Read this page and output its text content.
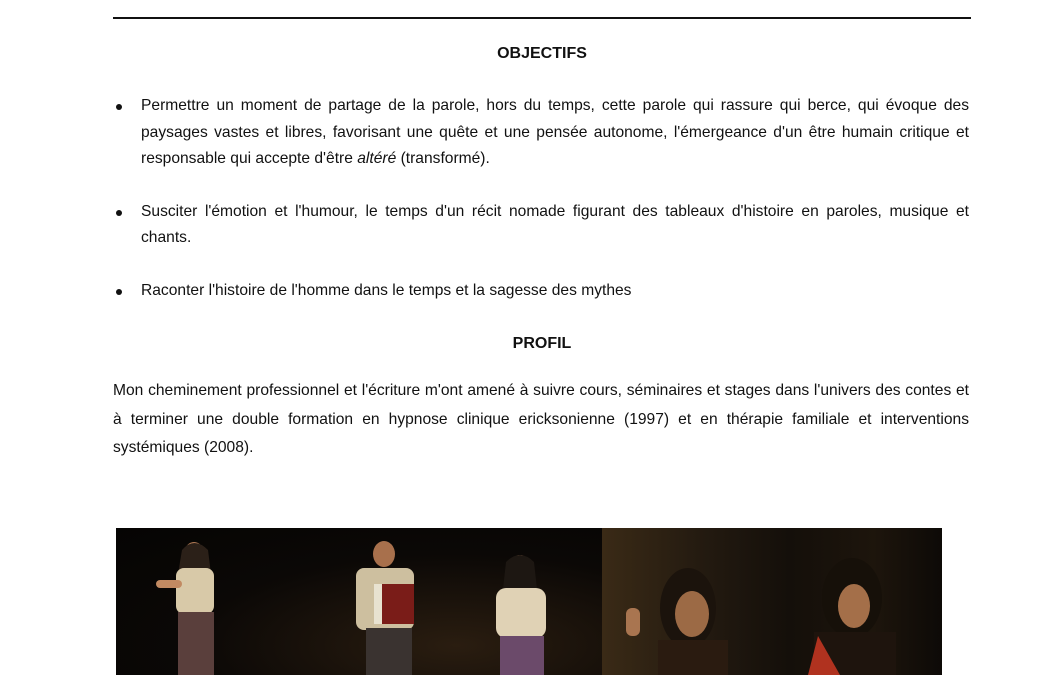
OBJECTIFS
Permettre un moment de partage de la parole, hors du temps, cette parole qui rassure qui berce, qui évoque des paysages vastes et libres, favorisant une quête et une pensée autonome, l'émergeance d'un être humain critique et responsable qui accepte d'être altéré (transformé).
Susciter l'émotion et l'humour, le temps d'un récit nomade figurant des tableaux d'histoire en paroles, musique et chants.
Raconter l'histoire de l'homme dans le temps et la sagesse des mythes
PROFIL

Mon cheminement professionnel et l'écriture m'ont amené à suivre cours, séminaires et stages dans l'univers des contes et à terminer une double formation en hypnose clinique ericksonienne (1997) et en thérapie familiale et interventions systémiques (2008).
